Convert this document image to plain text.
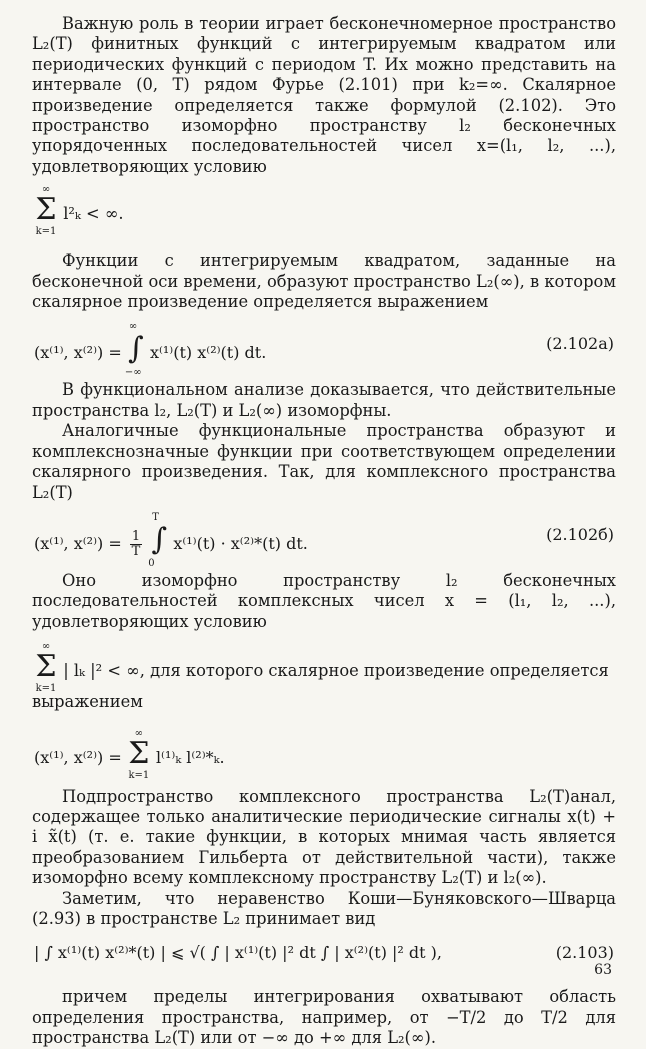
Важную роль в теории играет бесконечномерное пространство L₂(T) финитных функций с интегрируемым квадратом или периодических функций с периодом T. Их можно представить на интервале (0, T) рядом Фурье (2.101) при k₂=∞. Скалярное произведение определяется также формулой (2.102). Это пространство изоморфно пространству l₂ бесконечных упорядоченных последовательностей чисел x=(l₁, l₂, ...), удовлетворяющих условию

Σ
∞
k=1
l²ₖ < ∞.

Функции с интегрируемым квадратом, заданные на бесконечной оси времени, образуют пространство L₂(∞), в котором скалярное произведение определяется выражением

(x⁽¹⁾, x⁽²⁾) = ∫
∞
−∞
x⁽¹⁾(t) x⁽²⁾(t) dt.	(2.102а)

В функциональном анализе доказывается, что действительные пространства l₂, L₂(T) и L₂(∞) изоморфны.

Аналогичные функциональные пространства образуют и комплекснозначные функции при соответствующем определении скалярного произведения. Так, для комплексного пространства L₂(T)

(x⁽¹⁾, $x^{(2)}) = \frac{1}{T}$ ∫
T
0
x⁽¹⁾(t) · x⁽²⁾*(t) dt.	(2.102б)

Оно изоморфно пространству l₂ бесконечных последовательностей комплексных чисел x = (l₁, l₂, ...), удовлетворяющих условию

Σ
∞
k=1
| lₖ |² < ∞, для которого скалярное произведение определяется

выражением

(x⁽¹⁾, x⁽²⁾) = Σ
∞
k=1
l⁽¹⁾ₖ l⁽²⁾*ₖ.

Подпространство комплексного пространства L₂(T)анал, содержащее только аналитические периодические сигналы x(t) + i x̃(t) (т. е. такие функции, в которых мнимая часть является преобразованием Гильберта от действительной части), также изоморфно всему комплексному пространству L₂(T) и l₂(∞).

Заметим, что неравенство Коши—Буняковского—Шварца (2.93) в пространстве L₂ принимает вид

| ∫ x⁽¹⁾(t) x⁽²⁾*(t) | ⩽ √( ∫ | x⁽¹⁾(t) |² dt ∫ | x⁽²⁾(t) |² dt ),	(2.103)

причем пределы интегрирования охватывают область определения пространства, например, от −T/2 до T/2 для пространства L₂(T) или от −∞ до +∞ для L₂(∞).

63
